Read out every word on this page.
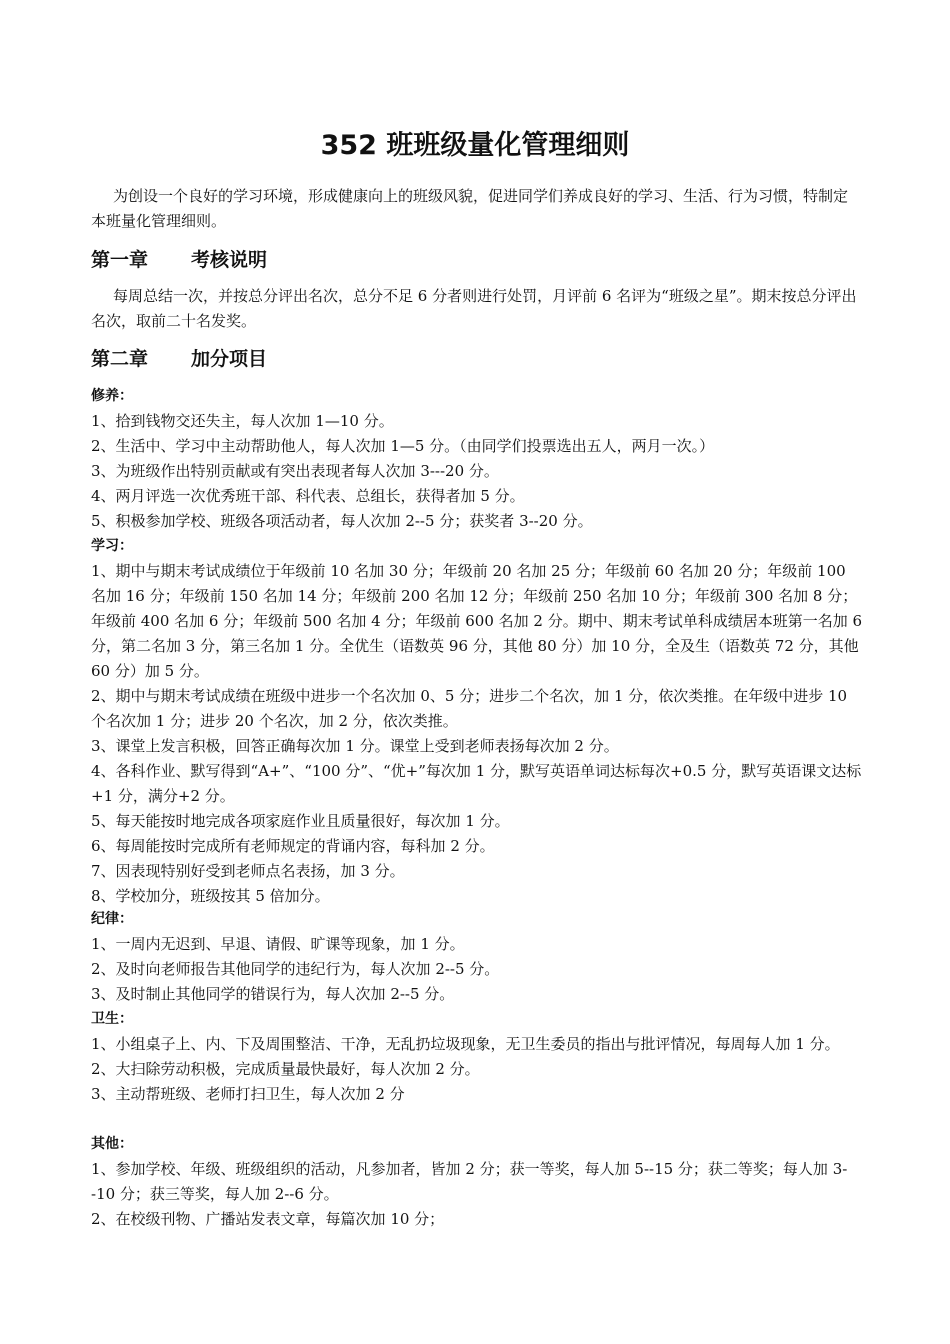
352 班班级量化管理细则

为创设一个良好的学习环境，形成健康向上的班级风貌，促进同学们养成良好的学习、生活、行为习惯，特制定本班量化管理细则。

第一章 考核说明

每周总结一次，并按总分评出名次，总分不足 6 分者则进行处罚，月评前 6 名评为“班级之星”。期末按总分评出名次，取前二十名发奖。

第二章 加分项目

修养：

1、拾到钱物交还失主，每人次加 1—10 分。

2、生活中、学习中主动帮助他人，每人次加 1—5 分。（由同学们投票选出五人，两月一次。）

3、为班级作出特别贡献或有突出表现者每人次加 3---20 分。

4、两月评选一次优秀班干部、科代表、总组长，获得者加 5 分。

5、积极参加学校、班级各项活动者，每人次加 2--5 分；获奖者 3--20 分。

学习：

1、期中与期末考试成绩位于年级前 10 名加 30 分；年级前 20 名加 25 分；年级前 60 名加 20 分；年级前 100 名加 16 分；年级前 150 名加 14 分；年级前 200 名加 12 分；年级前 250 名加 10 分；年级前 300 名加 8 分；年级前 400 名加 6 分；年级前 500 名加 4 分；年级前 600 名加 2 分。期中、期末考试单科成绩居本班第一名加 6 分，第二名加 3 分，第三名加 1 分。全优生（语数英 96 分，其他 80 分）加 10 分，全及生（语数英 72 分，其他 60 分）加 5 分。

2、期中与期末考试成绩在班级中进步一个名次加 0、5 分；进步二个名次，加 1 分，依次类推。在年级中进步 10 个名次加 1 分；进步 20 个名次，加 2 分，依次类推。

3、课堂上发言积极，回答正确每次加 1 分。课堂上受到老师表扬每次加 2 分。

4、各科作业、默写得到“A+”、“100 分”、“优+”每次加 1 分，默写英语单词达标每次+0.5 分，默写英语课文达标+1 分，满分+2 分。

5、每天能按时地完成各项家庭作业且质量很好，每次加 1 分。

6、每周能按时完成所有老师规定的背诵内容，每科加 2 分。

7、因表现特别好受到老师点名表扬，加 3 分。

8、学校加分，班级按其 5 倍加分。

纪律：

1、一周内无迟到、早退、请假、旷课等现象，加 1 分。

2、及时向老师报告其他同学的违纪行为，每人次加 2--5 分。

3、及时制止其他同学的错误行为，每人次加 2--5 分。

卫生：

1、小组桌子上、内、下及周围整洁、干净，无乱扔垃圾现象，无卫生委员的指出与批评情况，每周每人加 1 分。

2、大扫除劳动积极，完成质量最快最好，每人次加 2 分。

3、主动帮班级、老师打扫卫生，每人次加 2 分

其他：

1、参加学校、年级、班级组织的活动，凡参加者，皆加 2 分；获一等奖，每人加 5--15 分；获二等奖；每人加 3--10 分；获三等奖，每人加 2--6 分。

2、在校级刊物、广播站发表文章，每篇次加 10 分；
